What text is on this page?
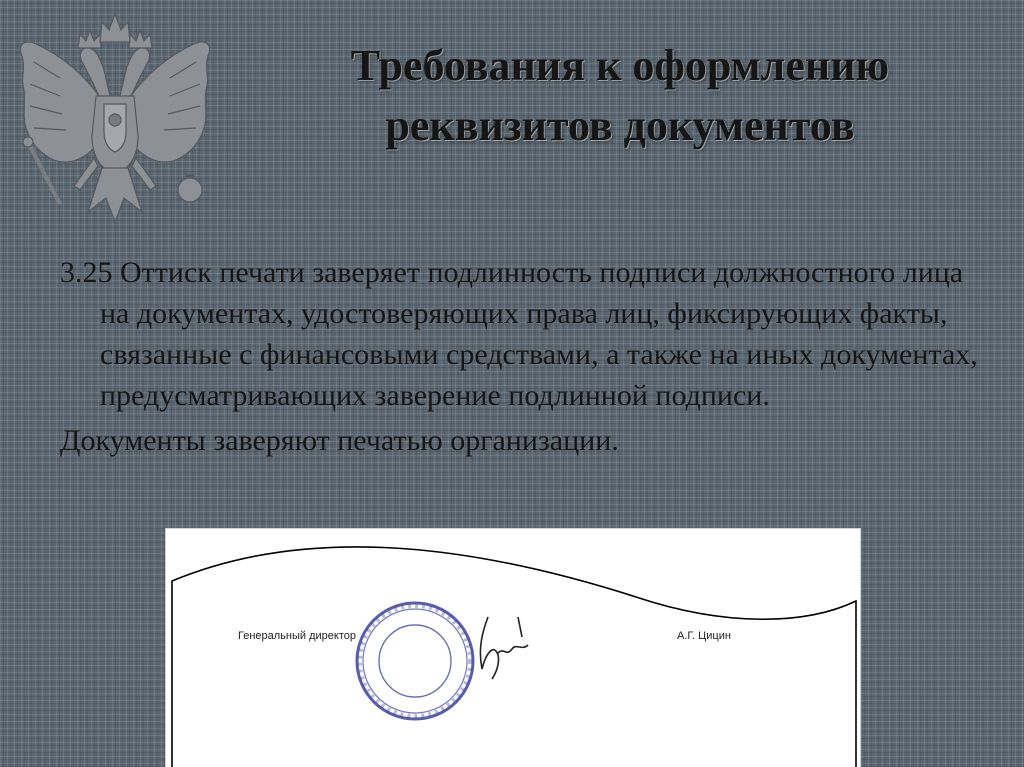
Требования к оформлению
реквизитов документов

3.25 Оттиск печати заверяет подлинность подписи должностного лица на документах, удостоверяющих права лиц, фиксирующих факты, связанные с финансовыми средствами, а также на иных документах, предусматривающих заверение подлинной подписи.

Документы заверяют печатью организации.

Генеральный директор	А.Г. Цицин
